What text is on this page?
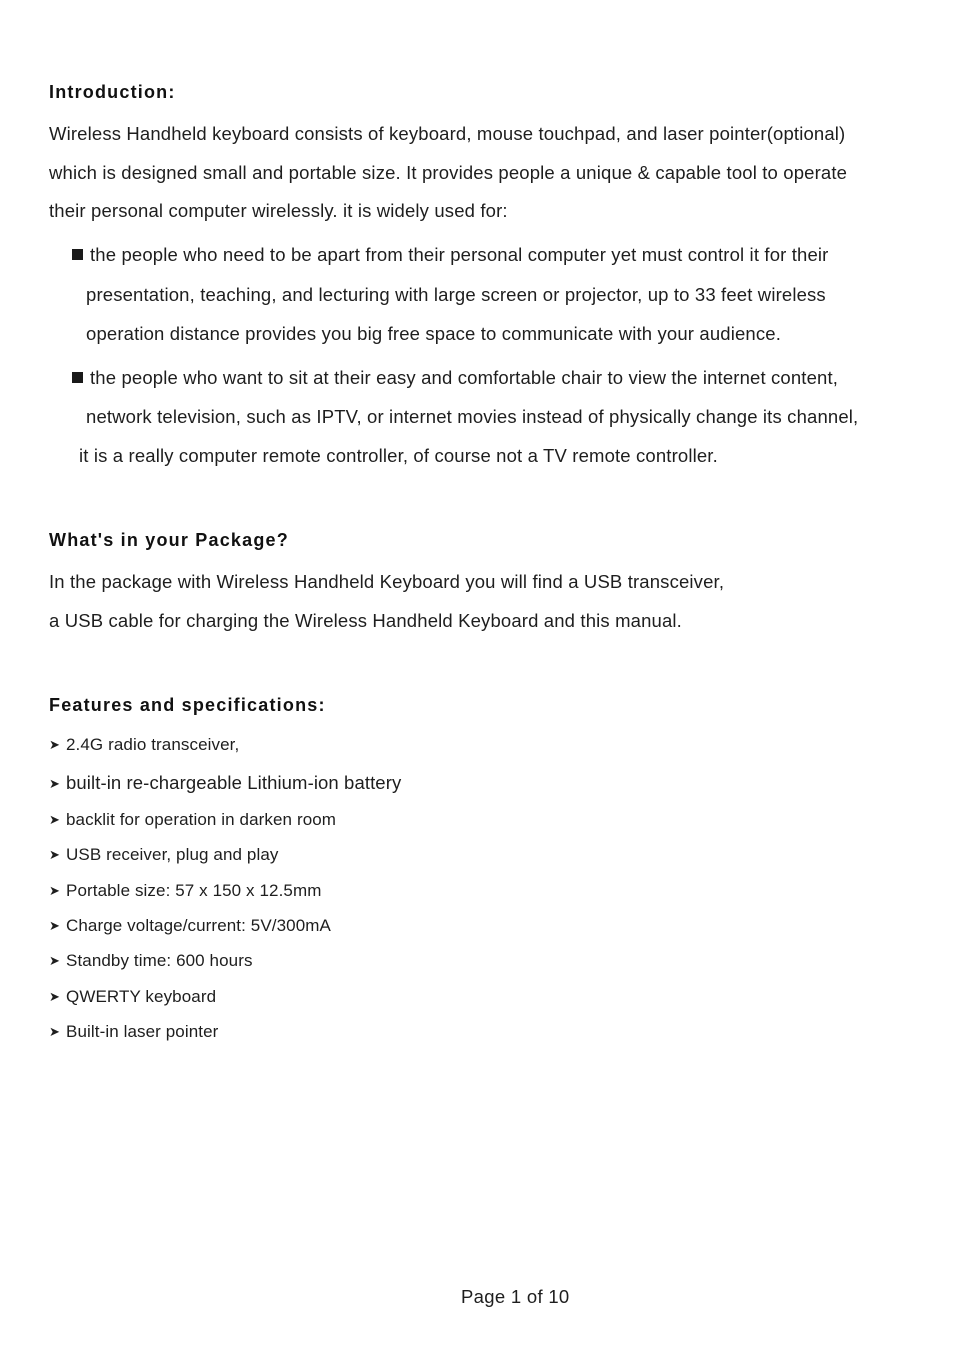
Introduction:
Wireless Handheld keyboard consists of keyboard, mouse touchpad, and laser pointer(optional)
which is designed small and portable size. It provides people a unique & capable tool to operate
their personal computer wirelessly. it is widely used for:
the people who need to be apart from their personal computer yet must control it for their
presentation, teaching, and lecturing with large screen or projector, up to 33 feet wireless
operation distance provides you big free space to communicate with your audience.
the people who want to sit at their easy and comfortable chair to view the internet content,
network television, such as IPTV, or internet movies instead of physically change its channel,
it is a really computer remote controller, of course not a TV remote controller.
What's in your Package?
In the package with Wireless Handheld Keyboard you will find a USB transceiver,
a USB cable for charging the Wireless Handheld Keyboard and this manual.
Features and specifications:
➤ 2.4G radio transceiver,
➤ built-in re-chargeable Lithium-ion battery
➤ backlit for operation in darken room
➤ USB receiver, plug and play
➤ Portable size: 57 x 150 x 12.5mm
➤ Charge voltage/current: 5V/300mA
➤ Standby time: 600 hours
➤ QWERTY keyboard
➤ Built-in laser pointer
Page 1 of 10
